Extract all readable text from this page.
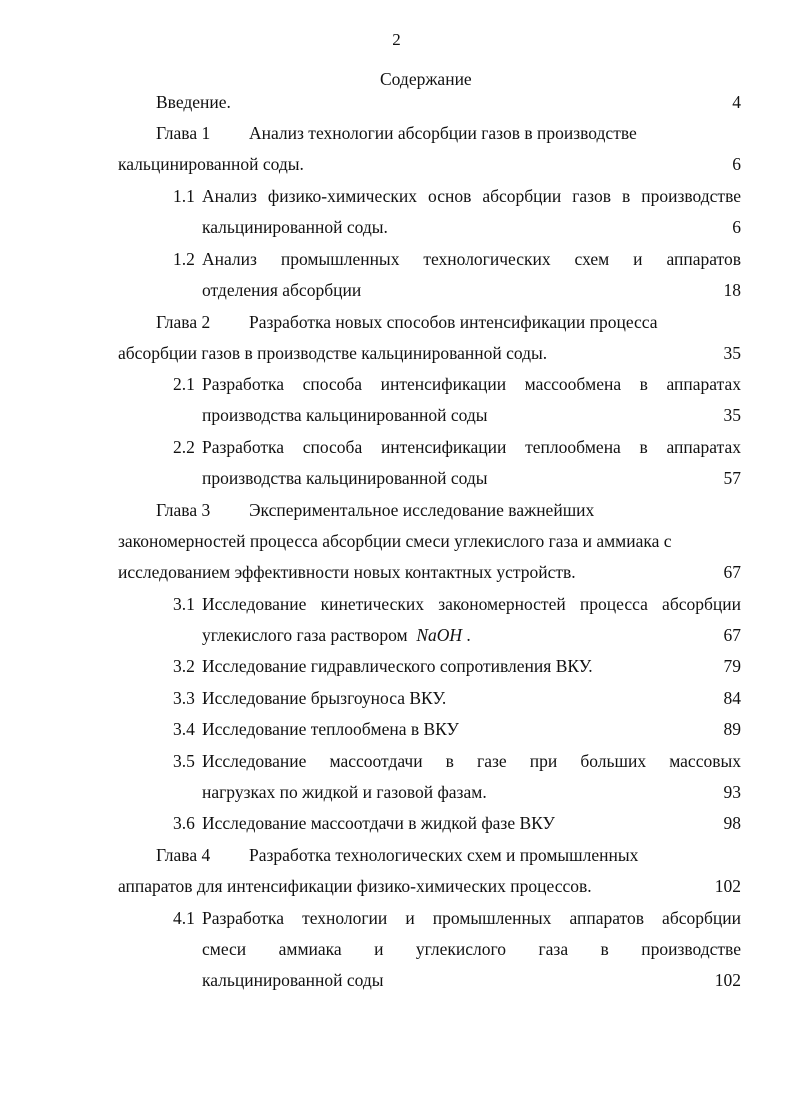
2
Содержание
Введение.	4
Глава 1 Анализ технологии абсорбции газов в производстве
кальцинированной соды.	6
1.1 Анализ физико-химических основ абсорбции газов в производстве
кальцинированной соды.	6
1.2 Анализ промышленных технологических схем и аппаратов
отделения абсорбции	18
Глава 2 Разработка новых способов интенсификации процесса
абсорбции газов в производстве кальцинированной соды.	35
2.1 Разработка способа интенсификации массообмена в аппаратах
производства кальцинированной соды	35
2.2 Разработка способа интенсификации теплообмена в аппаратах
производства кальцинированной соды	57
Глава 3 Экспериментальное исследование важнейших
закономерностей процесса абсорбции смеси углекислого газа и аммиака с
исследованием эффективности новых контактных устройств.	67
3.1 Исследование кинетических закономерностей процесса абсорбции
углекислого газа раствором NaOH .	67
3.2 Исследование гидравлического сопротивления ВКУ.	79
3.3 Исследование брызгоуноса ВКУ.	84
3.4 Исследование теплообмена в ВКУ	89
3.5 Исследование массоотдачи в газе при больших массовых
нагрузках по жидкой и газовой фазам.	93
3.6 Исследование массоотдачи в жидкой фазе ВКУ	98
Глава 4 Разработка технологических схем и промышленных
аппаратов для интенсификации физико-химических процессов.	102
4.1 Разработка технологии и промышленных аппаратов абсорбции
смеси аммиака и углекислого газа в производстве
кальцинированной соды	102
